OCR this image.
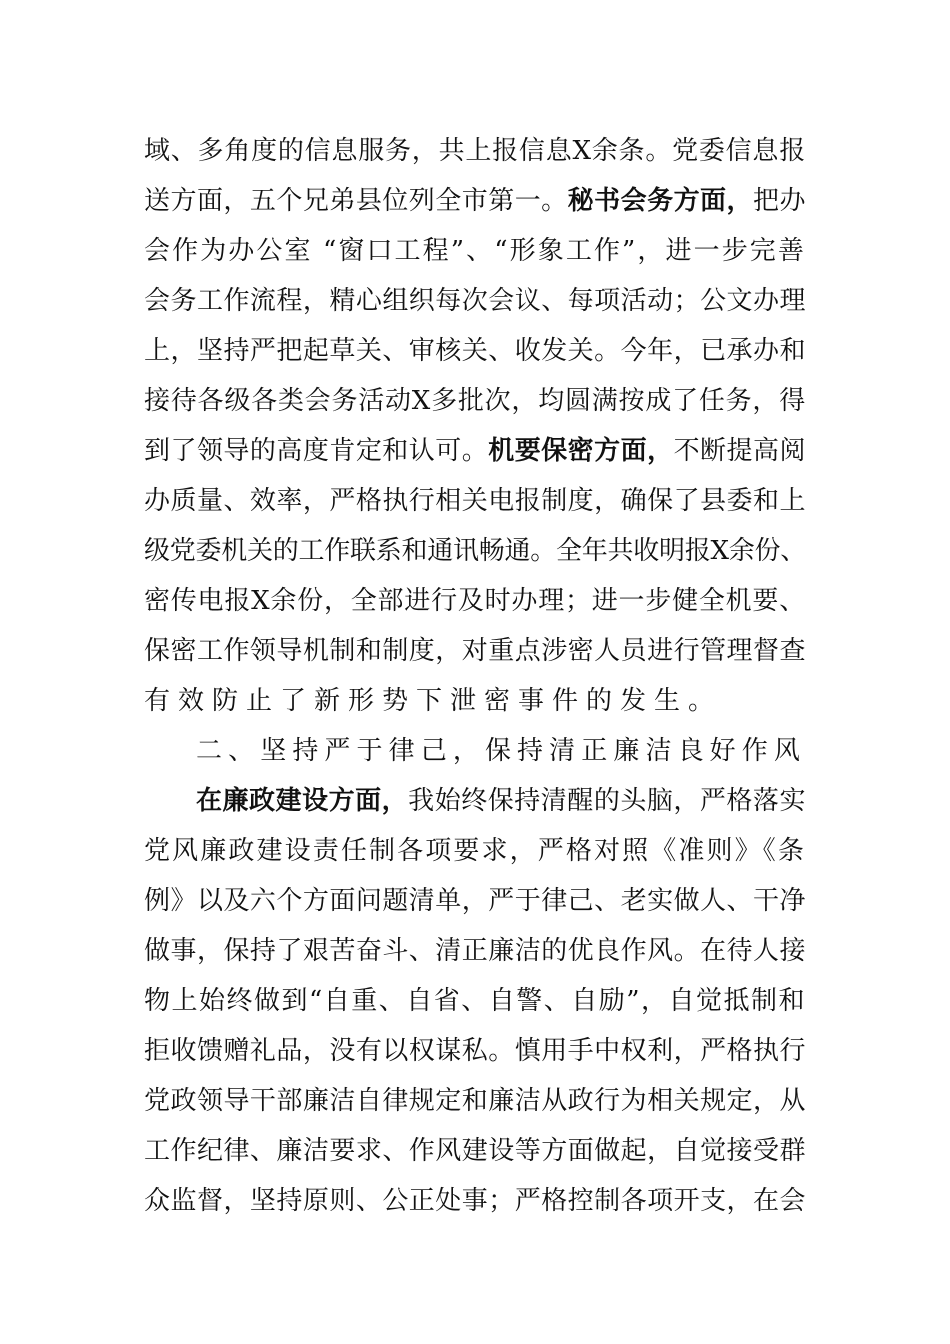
域、多角度的信息服务，共上报信息X余条。党委信息报
送方面，五个兄弟县位列全市第一。秘书会务方面，把办
会作为办公室 “窗口工程”、“形象工作”，进一步完善
会务工作流程，精心组织每次会议、每项活动；公文办理
上，坚持严把起草关、审核关、收发关。今年，已承办和
接待各级各类会务活动X多批次，均圆满按成了任务，得
到了领导的高度肯定和认可。机要保密方面，不断提高阅
办质量、效率，严格执行相关电报制度，确保了县委和上
级党委机关的工作联系和通讯畅通。全年共收明报X余份、
密传电报X余份，全部进行及时办理；进一步健全机要、
保密工作领导机制和制度，对重点涉密人员进行管理督查
有效防止了新形势下泄密事件的发生。
二、坚持严于律己，保持清正廉洁良好作风
在廉政建设方面，我始终保持清醒的头脑，严格落实
党风廉政建设责任制各项要求，严格对照《准则》《条
例》以及六个方面问题清单，严于律己、老实做人、干净
做事，保持了艰苦奋斗、清正廉洁的优良作风。在待人接
物上始终做到“自重、自省、自警、自励”，自觉抵制和
拒收馈赠礼品，没有以权谋私。慎用手中权利，严格执行
党政领导干部廉洁自律规定和廉洁从政行为相关规定，从
工作纪律、廉洁要求、作风建设等方面做起，自觉接受群
众监督，坚持原则、公正处事；严格控制各项开支，在会
